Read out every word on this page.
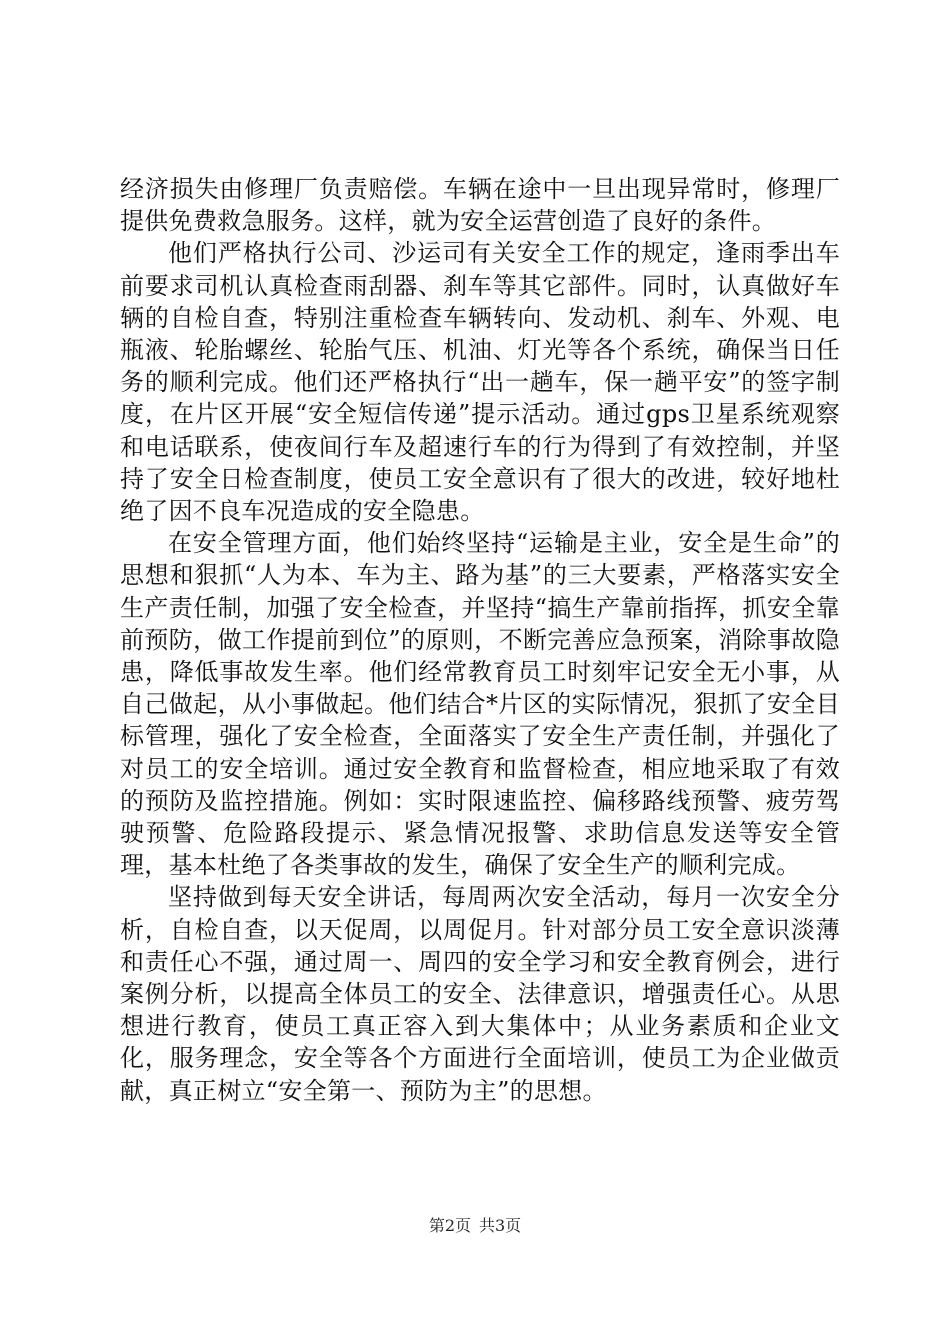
经济损失由修理厂负责赔偿。车辆在途中一旦出现异常时，修理厂提供免费救急服务。这样，就为安全运营创造了良好的条件。

他们严格执行公司、沙运司有关安全工作的规定，逢雨季出车前要求司机认真检查雨刮器、刹车等其它部件。同时，认真做好车辆的自检自查，特别注重检查车辆转向、发动机、刹车、外观、电瓶液、轮胎螺丝、轮胎气压、机油、灯光等各个系统，确保当日任务的顺利完成。他们还严格执行“出一趟车，保一趟平安”的签字制度，在片区开展“安全短信传递”提示活动。通过gps卫星系统观察和电话联系，使夜间行车及超速行车的行为得到了有效控制，并坚持了安全日检查制度，使员工安全意识有了很大的改进，较好地杜绝了因不良车况造成的安全隐患。

在安全管理方面，他们始终坚持“运输是主业，安全是生命”的思想和狠抓“人为本、车为主、路为基”的三大要素，严格落实安全生产责任制，加强了安全检查，并坚持“搞生产靠前指挥，抓安全靠前预防，做工作提前到位”的原则，不断完善应急预案，消除事故隐患，降低事故发生率。他们经常教育员工时刻牢记安全无小事，从自己做起，从小事做起。他们结合*片区的实际情况，狠抓了安全目标管理，强化了安全检查，全面落实了安全生产责任制，并强化了对员工的安全培训。通过安全教育和监督检查，相应地采取了有效的预防及监控措施。例如：实时限速监控、偏移路线预警、疲劳驾驶预警、危险路段提示、紧急情况报警、求助信息发送等安全管理，基本杜绝了各类事故的发生，确保了安全生产的顺利完成。

坚持做到每天安全讲话，每周两次安全活动，每月一次安全分析，自检自查，以天促周，以周促月。针对部分员工安全意识淡薄和责任心不强，通过周一、周四的安全学习和安全教育例会，进行案例分析，以提高全体员工的安全、法律意识，增强责任心。从思想进行教育，使员工真正容入到大集体中；从业务素质和企业文化，服务理念，安全等各个方面进行全面培训，使员工为企业做贡献，真正树立“安全第一、预防为主”的思想。

第2页 共3页
